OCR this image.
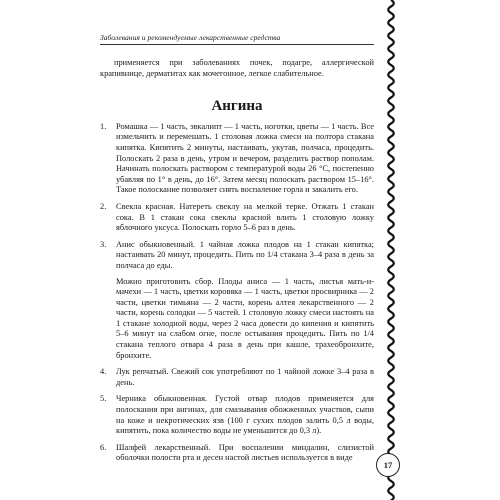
Заболевания и рекомендуемые лекарственные средства

применяется при заболеваниях почек, подагре, аллергической крапивнице, дерматитах как мочегонное, легкое слабительное.

Ангина
1.	Ромашка — 1 часть, эвкалипт — 1 часть, ноготки, цветы — 1 часть. Все измельчить и перемешать. 1 столовая ложка смеси на полтора стакана кипятка. Кипятить 2 минуты, настаивать, укутав, полчаса, процедить. Полоскать 2 раза в день, утром и вечером, разделить раствор пополам. Начинать полоскать раствором с температурой воды 26 °С, постепенно убавляя по 1° в день, до 16°. Затем месяц полоскать раствором 15–16°. Такое полоскание позволяет снять воспаление горла и закалить его.

2.	Свекла красная. Натереть свеклу на мелкой терке. Отжать 1 стакан сока. В 1 стакан сока свеклы красной влить 1 столовую ложку яблочного уксуса. Полоскать горло 5–6 раз в день.

3.	Анис обыкновенный. 1 чайная ложка плодов на 1 стакан кипятка; настаивать 20 минут, процедить. Пить по 1/4 стакана 3–4 раза в день за полчаса до еды.

Можно приготовить сбор. Плоды аниса — 1 часть, листья мать-и-мачехи — 1 часть, цветки коровяка — 1 часть, цветки просвирника — 2 части, цветки тимьяна — 2 части, корень алтея лекарственного — 2 части, корень солодки — 5 частей. 1 столовую ложку смеси настоять на 1 стакане холодной воды, через 2 часа довести до кипения и кипятить 5–6 минут на слабом огне, после остывания процедить. Пить по 1/4 стакана теплого отвара 4 раза в день при кашле, трахеобронхите, бронхите.

4.	Лук репчатый. Свежий сок употребляют по 1 чайной ложке 3–4 раза в день.

5.	Черника обыкновенная. Густой отвар плодов применяется для полоскания при ангинах, для смазывания обожженных участков, сыпи на коже и некротических язв (100 г сухих плодов залить 0,5 л воды, кипятить, пока количество воды не уменьшится до 0,3 л).

6.	Шалфей лекарственный. При воспалении миндалин, слизистой оболочки полости рта и десен настой листьев используется в виде

17
